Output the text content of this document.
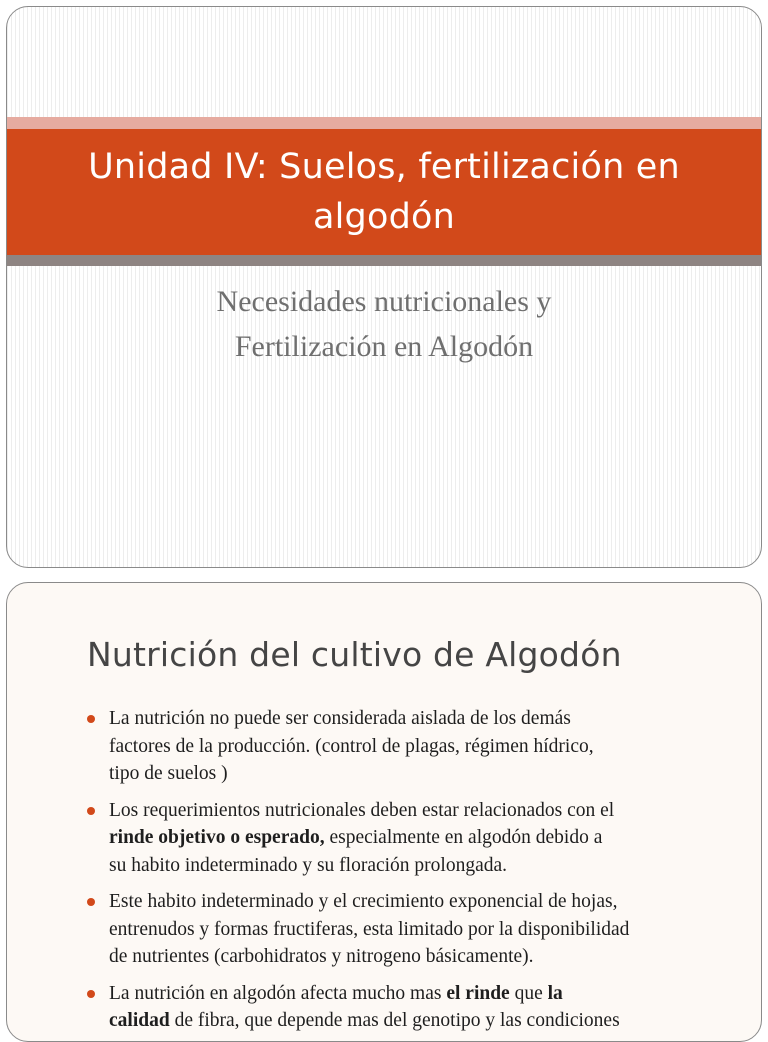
Unidad IV: Suelos, fertilización en algodón

Necesidades nutricionales y
Fertilización en Algodón

Nutrición del cultivo de Algodón
La nutrición no puede ser considerada aislada de los demás
factores de la producción. (control de plagas, régimen hídrico,
tipo de suelos )
Los requerimientos nutricionales deben estar relacionados con el
rinde objetivo o esperado, especialmente en algodón debido a
su habito indeterminado y su floración prolongada.
Este habito indeterminado y el crecimiento exponencial de hojas,
entrenudos y formas fructiferas, esta limitado por la disponibilidad
de nutrientes (carbohidratos y nitrogeno básicamente).
La nutrición en algodón afecta mucho mas el rinde que la
calidad de fibra, que depende mas del genotipo y las condiciones
